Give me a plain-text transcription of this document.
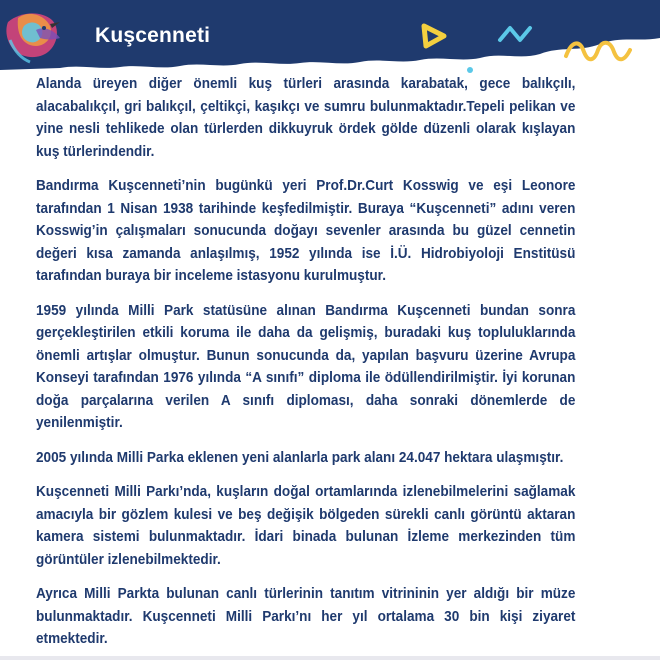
Kuşcenneti

Alanda üreyen diğer önemli kuş türleri arasında karabatak, gece balıkçılı, alacabalıkçıl, gri balıkçıl, çeltikçi, kaşıkçı ve sumru bulunmaktadır.Tepeli pelikan ve yine nesli tehlikede olan türlerden dikkuyruk ördek gölde düzenli olarak kışlayan kuş türlerindendir.

Bandırma Kuşcenneti’nin bugünkü yeri Prof.Dr.Curt Kosswig ve eşi Leonore tarafından 1 Nisan 1938 tarihinde keşfedilmiştir. Buraya “Kuşcenneti” adını veren Kosswig’in çalışmaları sonucunda doğayı sevenler arasında bu güzel cennetin değeri kısa zamanda anlaşılmış, 1952 yılında ise İ.Ü. Hidrobiyoloji Enstitüsü tarafından buraya bir inceleme istasyonu kurulmuştur.

1959 yılında Milli Park statüsüne alınan Bandırma Kuşcenneti bundan sonra gerçekleştirilen etkili koruma ile daha da gelişmiş, buradaki kuş topluluklarında önemli artışlar olmuştur. Bunun sonucunda da, yapılan başvuru üzerine Avrupa Konseyi tarafından 1976 yılında “A sınıfı” diploma ile ödüllendirilmiştir. İyi korunan doğa parçalarına verilen A sınıfı diploması, daha sonraki dönemlerde de yenilenmiştir.

2005 yılında Milli Parka eklenen yeni alanlarla park alanı 24.047 hektara ulaşmıştır.

Kuşcenneti Milli Parkı’nda, kuşların doğal ortamlarında izlenebilmelerini sağlamak amacıyla bir gözlem kulesi ve beş değişik bölgeden sürekli canlı görüntü aktaran kamera sistemi bulunmaktadır. İdari binada bulunan İzleme merkezinden tüm görüntüler izlenebilmektedir.

Ayrıca Milli Parkta bulunan canlı türlerinin tanıtım vitrininin yer aldığı bir müze bulunmaktadır. Kuşcenneti Milli Parkı’nı her yıl ortalama 30 bin kişi ziyaret etmektedir.
